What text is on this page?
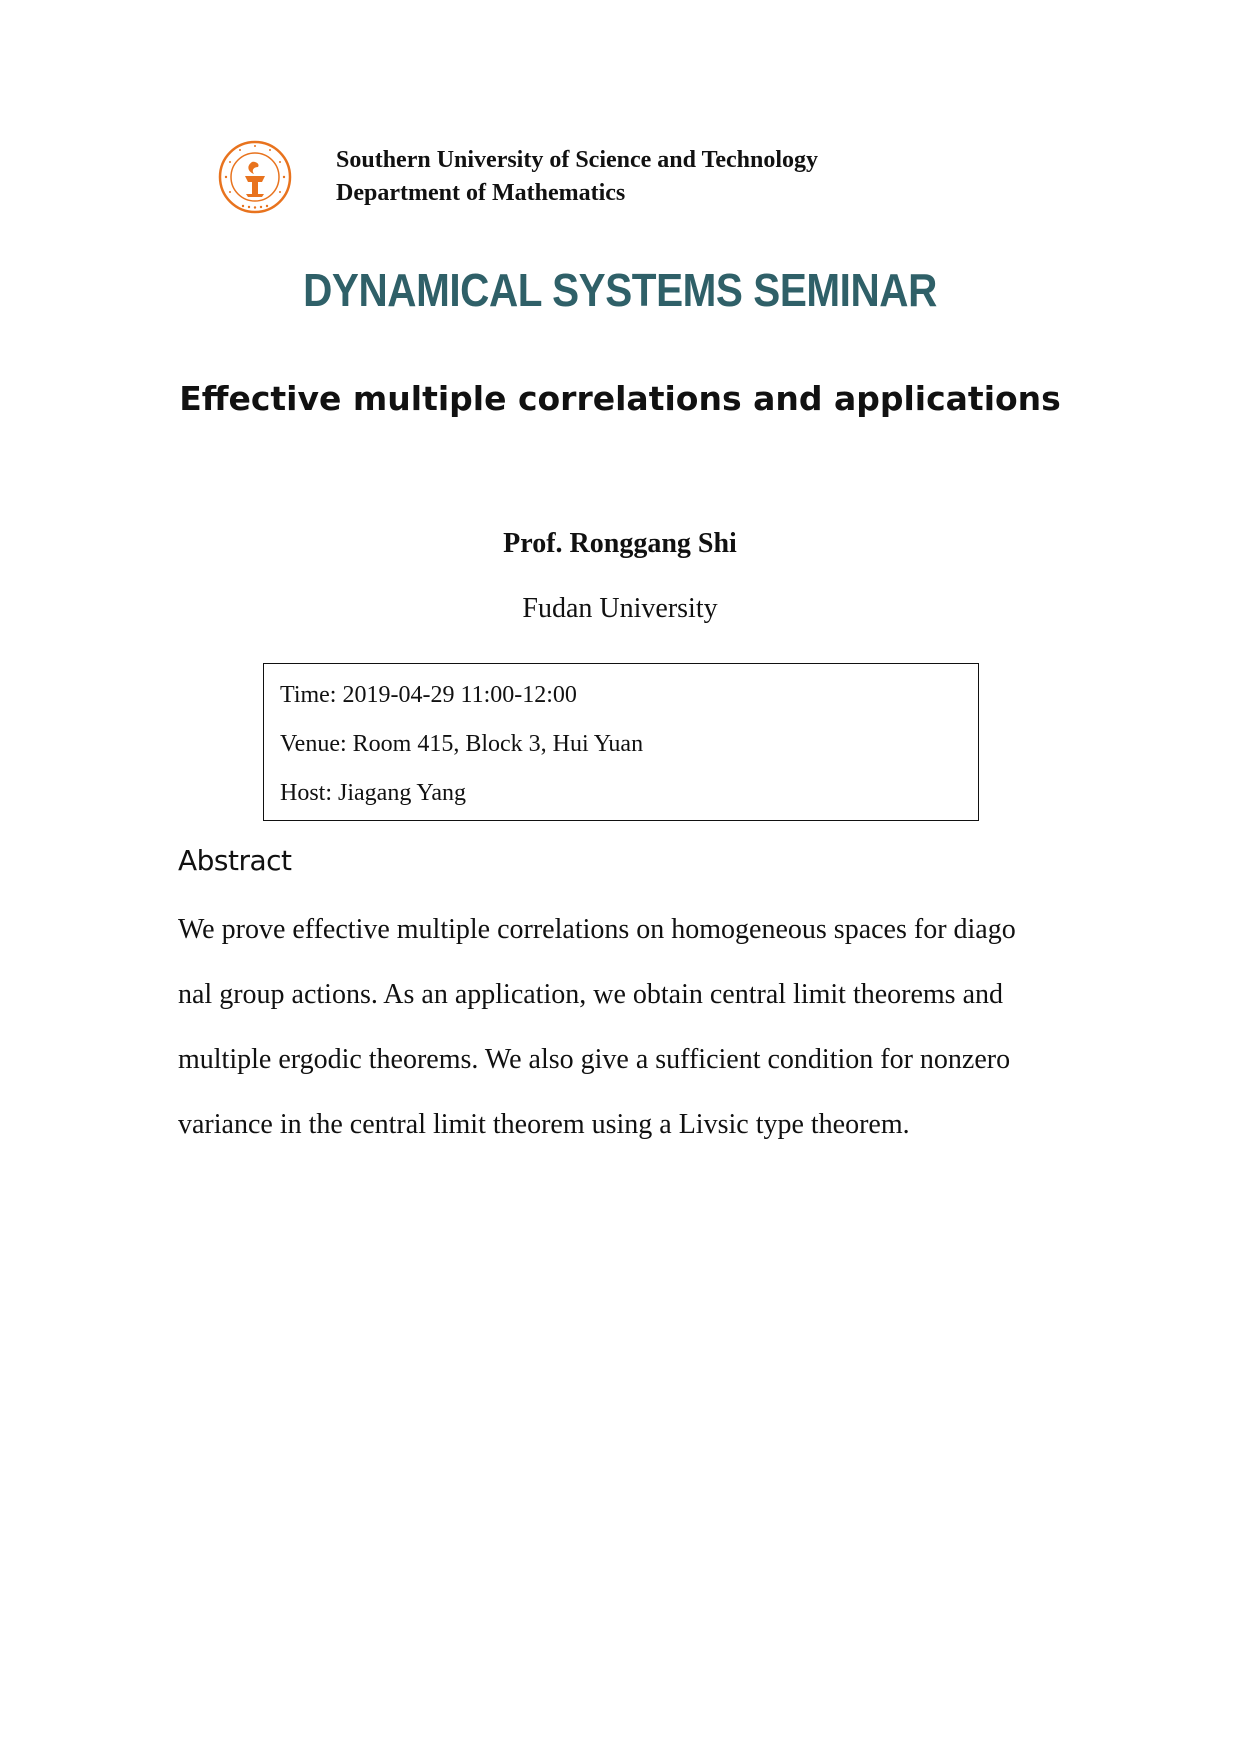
Southern University of Science and Technology
Department of Mathematics
DYNAMICAL SYSTEMS SEMINAR
Effective multiple correlations and applications
Prof. Ronggang Shi
Fudan University
Time: 2019-04-29 11:00-12:00
Venue: Room 415, Block 3, Hui Yuan
Host: Jiagang Yang
Abstract
We prove effective multiple correlations on homogeneous spaces for diago
nal group actions. As an application, we obtain central limit theorems and
multiple ergodic theorems. We also give a sufficient condition for nonzero
variance in the central limit theorem using a Livsic type theorem.
